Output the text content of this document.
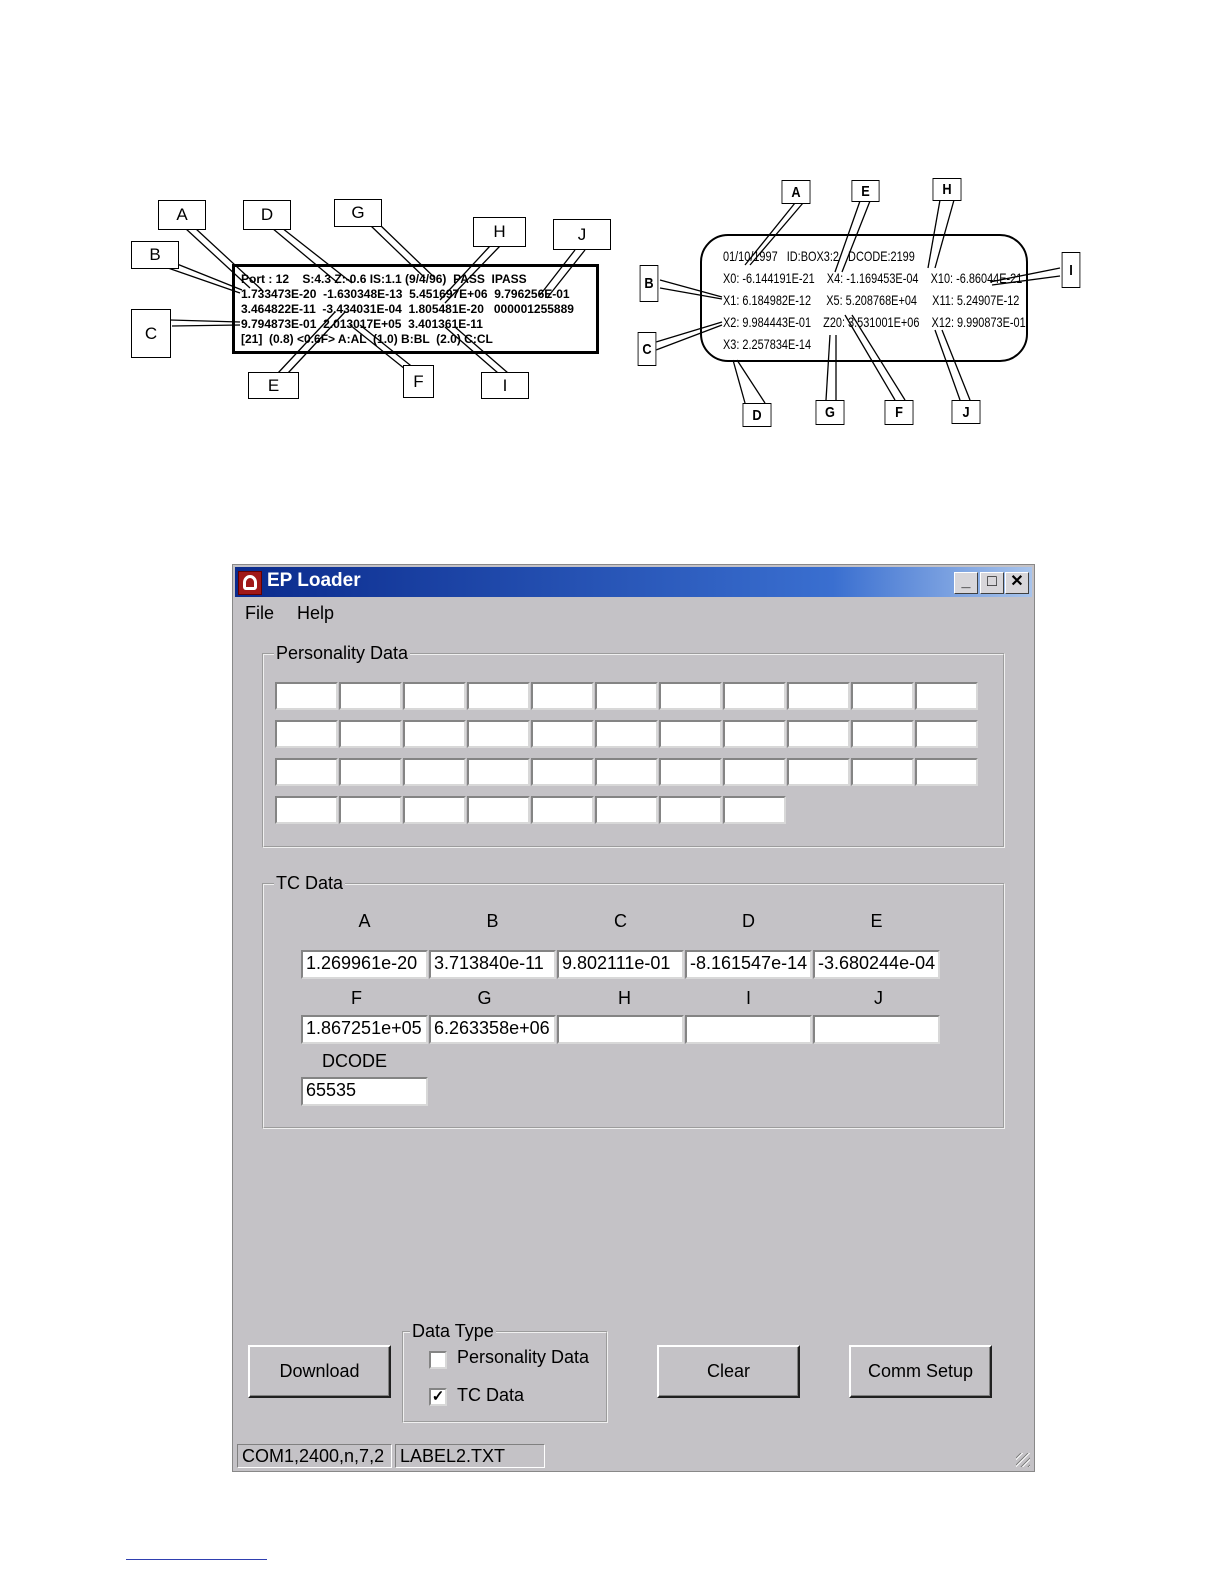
A
B
C
D
E	F
G
H
I
J
Port : 12    S:4.3 Z:-0.6 IS:1.1 (9/4/96)  PASS  IPASS
1.733473E-20  -1.630348E-13  5.451697E+06  9.796256E-01
3.464822E-11  -3.434031E-04  1.805481E-20   000001255889
9.794873E-01  2.013017E+05  3.401361E-11
[21]  (0.8) <0.6F> A:AL  (1.0) B:BL  (2.0) C:CL
A
B
C
D
E
F
G
H
I
J
01/10/1997   ID:BOX3:2   DCODE:2199
X0: -6.144191E-21    X4: -1.169453E-04    X10: -6.86044E-21
X1: 6.184982E-12     X5: 5.208768E+04     X11: 5.24907E-12
X2: 9.984443E-01    Z20: 3.531001E+06    X12: 9.990873E-01
X3: 2.257834E-14
EP Loader	_	□ ✕
File Help
Personality Data
TC Data
A	B	C	D	E
1.269961e-20 3.713840e-11	9.802111e-01	-8.161547e-14 -3.680244e-04
F	G	H	I	J
1.867251e+05 6.263358e+06
DCODE
65535
Download
Data Type
Personality Data
✓ TC Data
Clear	Comm Setup
COM1,2400,n,7,2 LABEL2.TXT
